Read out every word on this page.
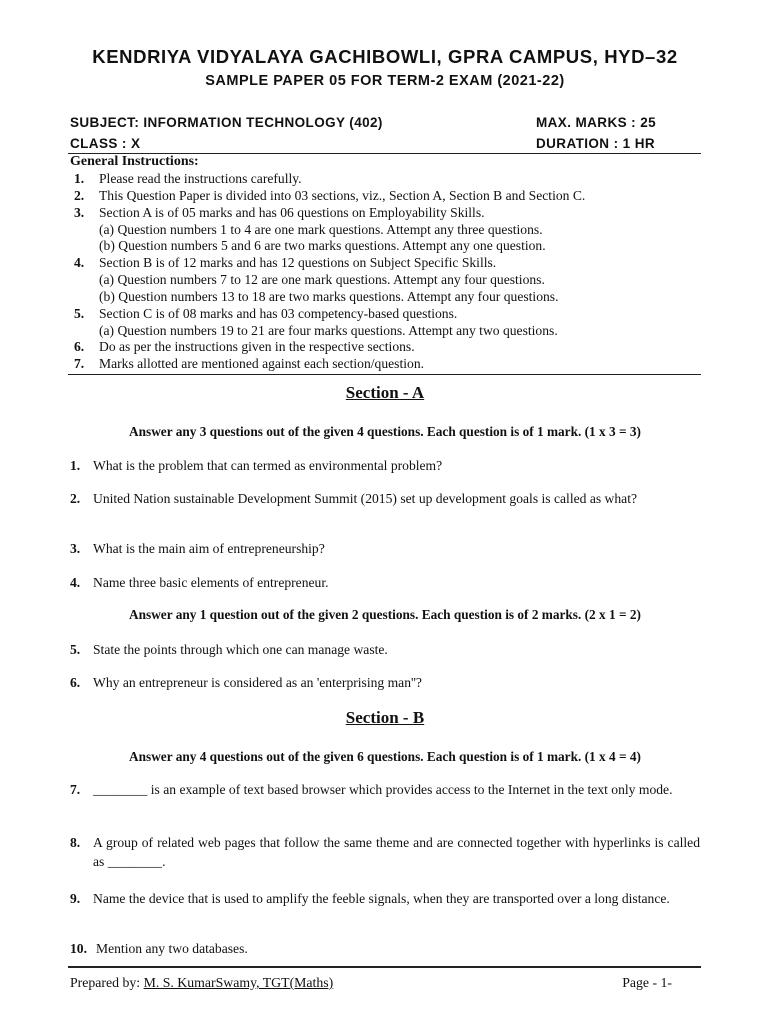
KENDRIYA VIDYALAYA GACHIBOWLI, GPRA CAMPUS, HYD–32
SAMPLE PAPER 05 FOR TERM-2 EXAM (2021-22)
SUBJECT: INFORMATION TECHNOLOGY (402)	MAX. MARKS : 25
CLASS : X	DURATION : 1 HR
General Instructions:
1. Please read the instructions carefully.
2. This Question Paper is divided into 03 sections, viz., Section A, Section B and Section C.
3. Section A is of 05 marks and has 06 questions on Employability Skills.
(a) Question numbers 1 to 4 are one mark questions. Attempt any three questions.
(b) Question numbers 5 and 6 are two marks questions. Attempt any one question.
4. Section B is of 12 marks and has 12 questions on Subject Specific Skills.
(a) Question numbers 7 to 12 are one mark questions. Attempt any four questions.
(b) Question numbers 13 to 18 are two marks questions. Attempt any four questions.
5. Section C is of 08 marks and has 03 competency-based questions.
(a) Question numbers 19 to 21 are four marks questions. Attempt any two questions.
6. Do as per the instructions given in the respective sections.
7. Marks allotted are mentioned against each section/question.
Section - A
Answer any 3 questions out of the given 4 questions. Each question is of 1 mark. (1 x 3 = 3)
1. What is the problem that can termed as environmental problem?
2. United Nation sustainable Development Summit (2015) set up development goals is called as what?
3. What is the main aim of entrepreneurship?
4. Name three basic elements of entrepreneur.
Answer any 1 question out of the given 2 questions. Each question is of 2 marks. (2 x 1 = 2)
5. State the points through which one can manage waste.
6. Why an entrepreneur is considered as an 'enterprising man''?
Section - B
Answer any 4 questions out of the given 6 questions. Each question is of 1 mark. (1 x 4 = 4)
7. ________ is an example of text based browser which provides access to the Internet in the text only mode.
8. A group of related web pages that follow the same theme and are connected together with hyperlinks is called as ________.
9. Name the device that is used to amplify the feeble signals, when they are transported over a long distance.
10. Mention any two databases.
Prepared by: M. S. KumarSwamy, TGT(Maths)	Page - 1-
